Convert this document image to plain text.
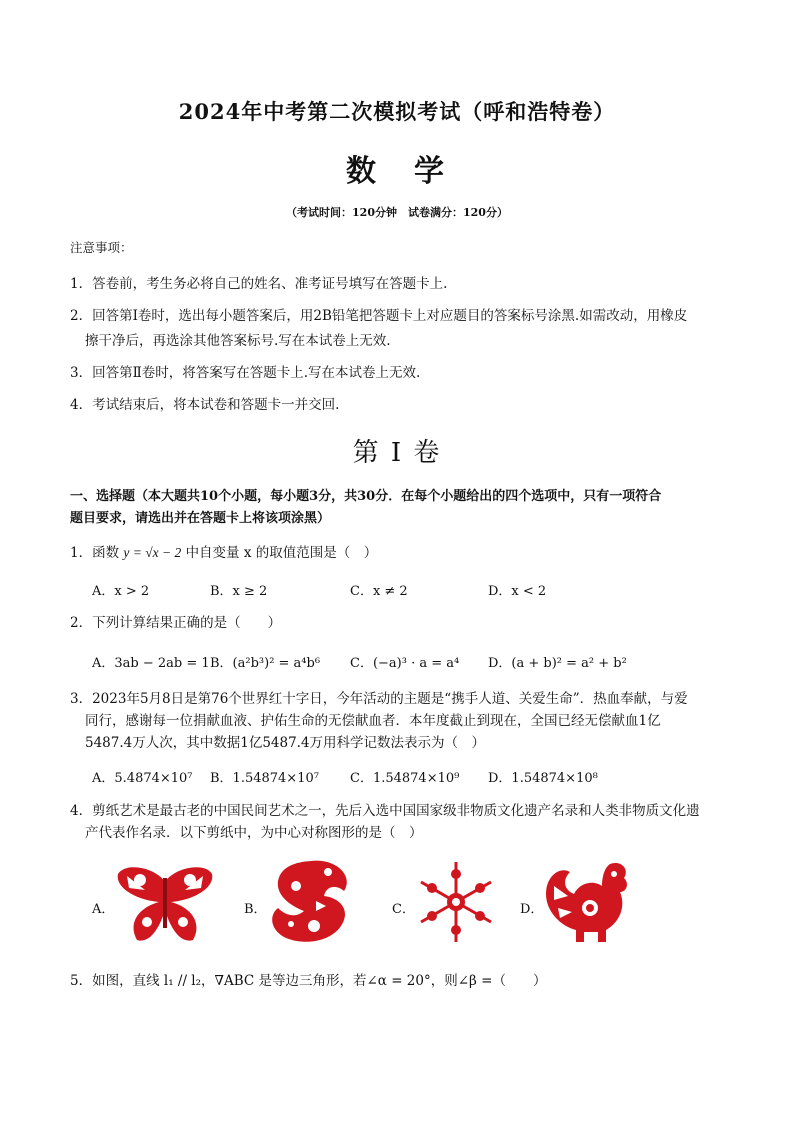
2024年中考第二次模拟考试（呼和浩特卷）
数　学
（考试时间：120分钟　试卷满分：120分）
注意事项：
1．答卷前，考生务必将自己的姓名、准考证号填写在答题卡上.
2．回答第Ⅰ卷时，选出每小题答案后，用2B铅笔把答题卡上对应题目的答案标号涂黑.如需改动，用橡皮
擦干净后，再选涂其他答案标号.写在本试卷上无效.
3．回答第Ⅱ卷时，将答案写在答题卡上.写在本试卷上无效.
4．考试结束后，将本试卷和答题卡一并交回.
第 I 卷
一、选择题（本大题共10个小题，每小题3分，共30分．在每个小题给出的四个选项中，只有一项符合
题目要求，请选出并在答题卡上将该项涂黑）
1．函数 y = √x − 2 中自变量 x 的取值范围是（　）
A．x > 2	B．x ≥ 2	C．x ≠ 2	D．x < 2
2．下列计算结果正确的是（　　）
A．3ab − 2ab = 1 B．(a²b³)² = a⁴b⁶ C．(−a)³ · a = a⁴ D．(a + b)² = a² + b²
3．2023年5月8日是第76个世界红十字日，今年活动的主题是“携手人道、关爱生命”．热血奉献，与爱
同行，感谢每一位捐献血液、护佑生命的无偿献血者．本年度截止到现在，全国已经无偿献血1亿
5487.4万人次，其中数据1亿5487.4万用科学记数法表示为（　）
A．5.4874×10⁷ B．1.54874×10⁷ C．1.54874×10⁹ D．1.54874×10⁸
4．剪纸艺术是最古老的中国民间艺术之一，先后入选中国国家级非物质文化遗产名录和人类非物质文化遗
产代表作名录．以下剪纸中，为中心对称图形的是（　）
A．	B．	C．	D．
5．如图，直线 l₁ // l₂，∇ABC 是等边三角形，若∠α = 20°，则∠β =（　　）
